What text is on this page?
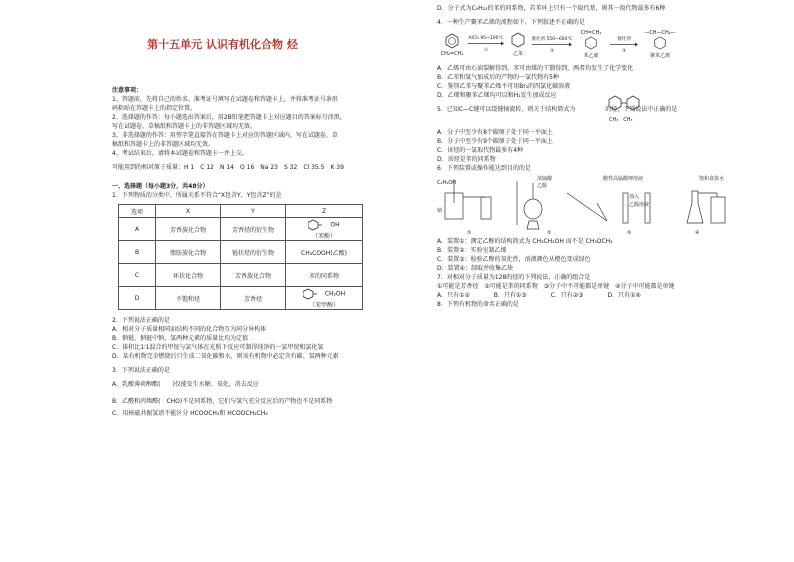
第十五单元 认识有机化合物 烃
注意事项：

1、答题前，先将自己的姓名、准考证号填写在试题卷和答题卡上，并将准考证号条形

码粘贴在答题卡上的指定位置。

2、选择题的作答：每小题选出答案后，用2B铅笔把答题卡上对应题目的答案标号涂黑，

写在试题卷、草稿纸和答题卡上的非答题区域均无效。

3、非选择题的作答：用签字笔直接答在答题卡上对应的答题区域内。写在试题卷、草

稿纸和答题卡上的非答题区域均无效。

4、考试结束后，请将本试题卷和答题卡一并上交。

可能用到的相对原子质量：H 1　C 12　N 14　O 16　Na 23　S 32　Cl 35.5　K 39
一、选择题（每小题3分，共48分）
1．下列物质的分类中，所属关系不符合“X包含Y、Y包含Z”的是
选项	X	Y	Z
A	芳香族化合物	芳香烃的衍生物	OH
（苯酚）
B	脂肪族化合物	链状烃的衍生物	CH₃COOH(乙酸)
C	环状化合物	芳香族化合物	苯的同系物
D	不饱和烃	芳香烃	CH₂OH
（苯甲醇）
2．下列说法正确的是
A．相对分子质量相同而结构不同的化合物互为同分异构体
B．钠链、钠链中钠、氢两种元素的质量比均为定值
C．体积比1∶1混合的甲烷与氯气体在光照下反应可制得纯净的一氯甲烷和氯化氢
D．某有机物完全燃烧后只生成二氧化碳和水，则该有机物中必定含有碳、氢两种元素
3．下列说法正确的是
A．乳酸薄荷醇酯(　　)仅能发生水解、氧化、消去反应
B．乙醛和丙烯醛(　CHO)不是同系物，它们与氢气充分反应后的产物也不是同系物
C．用核磁共振氢谱不能区分 HCOOCH₃和 HCOOCH₂CH₃
D．分子式为C₉H₁₂的苯的同系物，若苯环上只有一个取代基，则其一溴代物最多有6种
4．一种生产聚苯乙烯的流程如下，下列叙述不正确的是
CH₂=CH₂
AlCl₃ 95~100℃
①
乙苯
催化剂 550~600℃
②
CH=CH₂
苯乙烯
催化剂
③
—CH—CH₂—
聚苯乙烯
A．乙烯可由石油裂解得到，苯可由煤的干馏得到，两者均发生了化学变化
B．乙苯和氢气加成后的产物的一氯代物有5种
C．鉴别乙苯与聚苯乙烯不可用Br₂的四氯化碳溶液
D．乙烯和聚苯乙烯均可以和H₂发生加成反应
5．已知C—C键可以绕键轴旋转，则关于结构简式为　　　　　的烃，下列说法中正确的是
CH₃　CH₃
A．分子中至少有8个碳原子处于同一平面上
B．分子中至少有9个碳原子处于同一平面上
C．该烃的一氯取代物最多有4种
D．该烃是苯的同系物
6．下列装置或操作能达到目的的是
C₂H₅OH
钠
浓硫酸
乙醇
酸性高锰酸钾溶液
加入
乙醇溶液
饱和食盐水
①	②	③	④
A．装置①：测定乙醇的结构简式为 CH₃CH₂OH 而不是 CH₃OCH₃
B．装置②：实验室制乙烯
C．装置③：检验乙醇的氧化性，溶液颜色从橙色变成绿色
D．装置④：制取并收集乙炔
7．对相对分子质量为128的烃的下列说法，正确的组合是
①可能是芳香烃　②可能是苯的同系物　③分子中不可能都是单键　④分子中可能都是单键
A．只有①②	B．只有①③	C．只有②③	D．只有①④
8．下列有机物的命名正确的是
